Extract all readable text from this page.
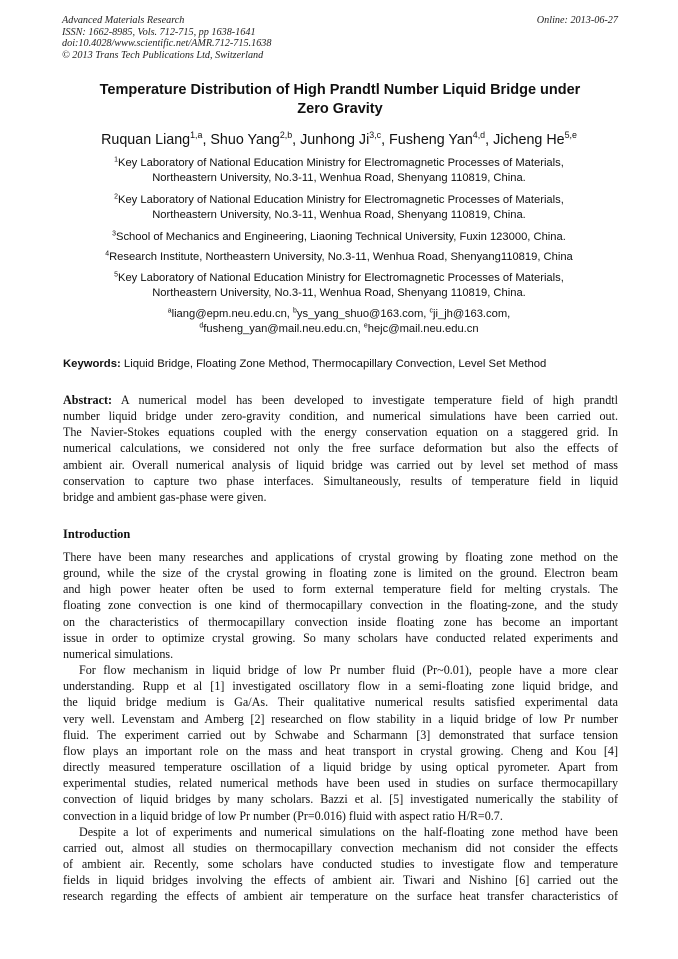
Advanced Materials Research
ISSN: 1662-8985, Vols. 712-715, pp 1638-1641
doi:10.4028/www.scientific.net/AMR.712-715.1638
© 2013 Trans Tech Publications Ltd, Switzerland
Online: 2013-06-27
Temperature Distribution of High Prandtl Number Liquid Bridge under
Zero Gravity
Ruquan Liang$^{1,a}$, Shuo Yang$^{2,b}$, Junhong Ji$^{3,c}$, Fusheng Yan$^{4,d}$, Jicheng He$^{5,e}$
$^1$Key Laboratory of National Education Ministry for Electromagnetic Processes of Materials,
Northeastern University, No.3-11, Wenhua Road, Shenyang 110819, China.
$^2$Key Laboratory of National Education Ministry for Electromagnetic Processes of Materials,
Northeastern University, No.3-11, Wenhua Road, Shenyang 110819, China.
$^3$School of Mechanics and Engineering, Liaoning Technical University, Fuxin 123000, China.
$^4$Research Institute, Northeastern University, No.3-11, Wenhua Road, Shenyang110819, China
$^5$Key Laboratory of National Education Ministry for Electromagnetic Processes of Materials,
Northeastern University, No.3-11, Wenhua Road, Shenyang 110819, China.
$^a$liang@epm.neu.edu.cn, $^b$ys_yang_shuo@163.com, $^c$ji_jh@163.com,
$^d$fusheng_yan@mail.neu.edu.cn, $^e$hejc@mail.neu.edu.cn
Keywords: Liquid Bridge, Floating Zone Method, Thermocapillary Convection, Level Set Method
Abstract: A numerical model has been developed to investigate temperature field of high prandtl
number liquid bridge under zero-gravity condition, and numerical simulations have been carried out.
The Navier-Stokes equations coupled with the energy conservation equation on a staggered grid. In
numerical calculations, we considered not only the free surface deformation but also the effects of
ambient air. Overall numerical analysis of liquid bridge was carried out by level set method of mass
conservation to capture two phase interfaces. Simultaneously, results of temperature field in liquid
bridge and ambient gas-phase were given.
Introduction
There have been many researches and applications of crystal growing by floating zone method on the
ground, while the size of the crystal growing in floating zone is limited on the ground. Electron beam
and high power heater often be used to form external temperature field for melting crystals. The
floating zone convection is one kind of thermocapillary convection in the floating-zone, and the study
on the characteristics of thermocapillary convection inside floating zone has become an important
issue in order to optimize crystal growing. So many scholars have conducted related experiments and
numerical simulations.
For flow mechanism in liquid bridge of low Pr number fluid (Pr~0.01), people have a more clear
understanding. Rupp et al [1] investigated oscillatory flow in a semi-floating zone liquid bridge, and
the liquid bridge medium is Ga/As. Their qualitative numerical results satisfied experimental data
very well. Levenstam and Amberg [2] researched on flow stability in a liquid bridge of low Pr number
fluid. The experiment carried out by Schwabe and Scharmann [3] demonstrated that surface tension
flow plays an important role on the mass and heat transport in crystal growing. Cheng and Kou [4]
directly measured temperature oscillation of a liquid bridge by using optical pyrometer. Apart from
experimental studies, related numerical methods have been used in studies on surface thermocapillary
convection of liquid bridges by many scholars. Bazzi et al. [5] investigated numerically the stability of
convection in a liquid bridge of low Pr number (Pr=0.016) fluid with aspect ratio H/R=0.7.
Despite a lot of experiments and numerical simulations on the half-floating zone method have been
carried out, almost all studies on thermocapillary convection mechanism did not consider the effects
of ambient air. Recently, some scholars have conducted studies to investigate flow and temperature
fields in liquid bridges involving the effects of ambient air. Tiwari and Nishino [6] carried out the
research regarding the effects of ambient air temperature on the surface heat transfer characteristics of
